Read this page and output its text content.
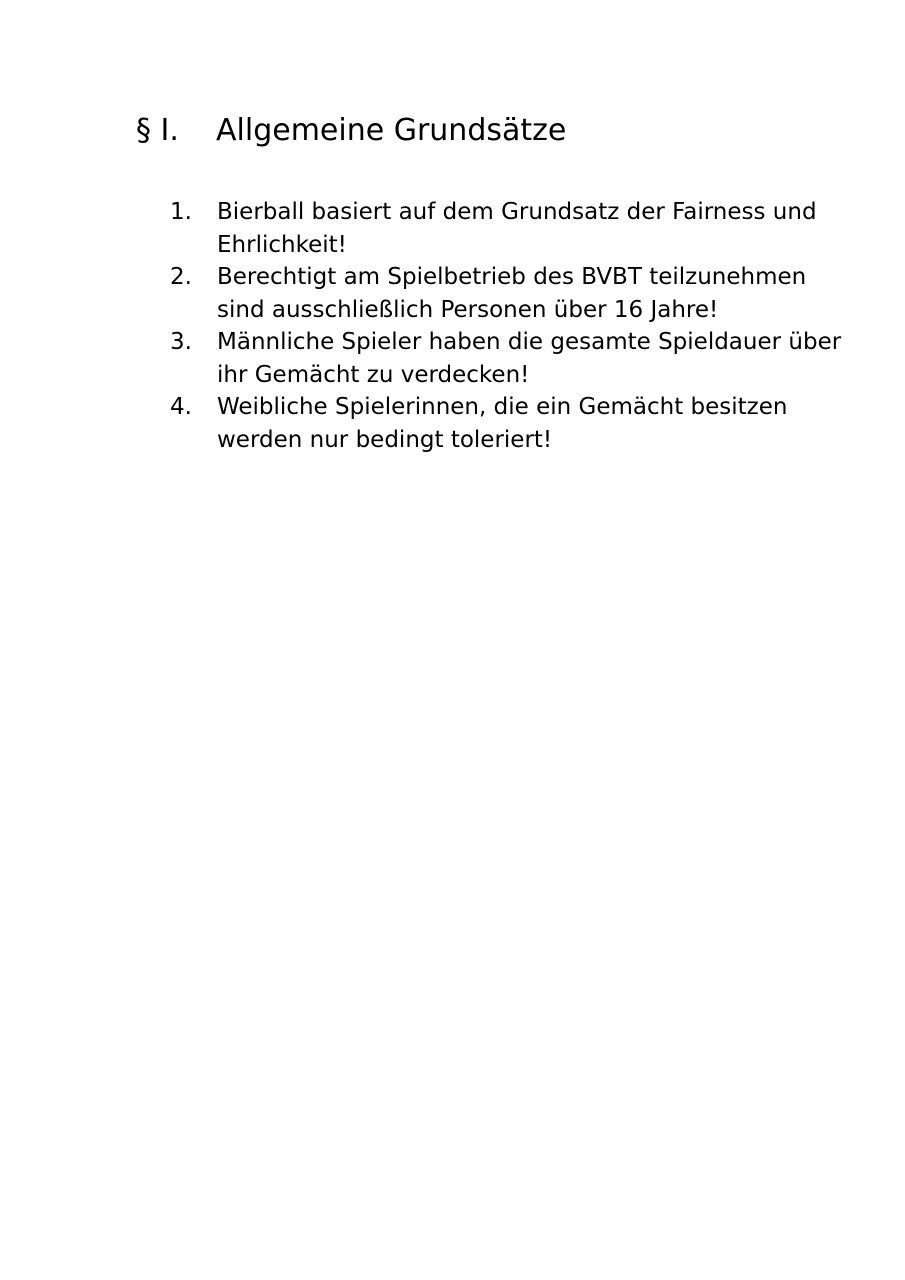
§ I. Allgemeine Grundsätze
1.	Bierball basiert auf dem Grundsatz der Fairness und Ehrlichkeit!
2.	Berechtigt am Spielbetrieb des BVBT teilzunehmen sind ausschließlich Personen über 16 Jahre!
3.	Männliche Spieler haben die gesamte Spieldauer über ihr Gemächt zu verdecken!
4.	Weibliche Spielerinnen, die ein Gemächt besitzen werden nur bedingt toleriert!
